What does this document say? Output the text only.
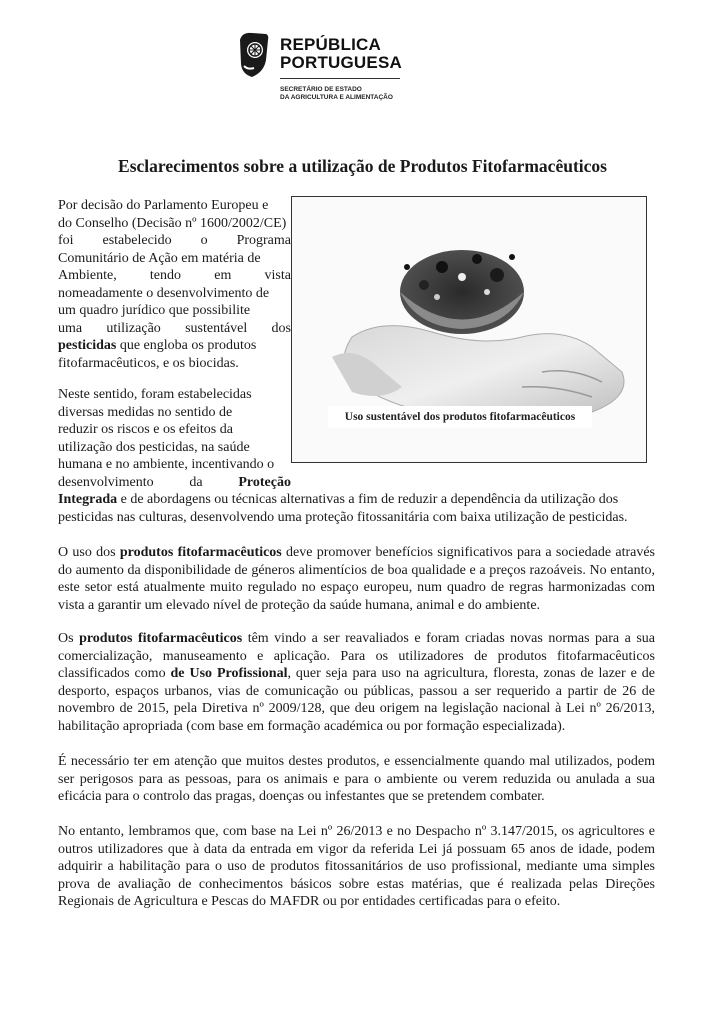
REPÚBLICA
PORTUGUESA
SECRETÁRIO DE ESTADO
DA AGRICULTURA E ALIMENTAÇÃO
Esclarecimentos sobre a utilização de Produtos Fitofarmacêuticos
Uso sustentável dos produtos fitofarmacêuticos
Por decisão do Parlamento Europeu e
do Conselho (Decisão nº 1600/2002/CE)
foi estabelecido o Programa
Comunitário de Ação em matéria de
Ambiente, tendo em vista
nomeadamente o desenvolvimento de
um quadro jurídico que possibilite
uma utilização sustentável dos
pesticidas que engloba os produtos
fitofarmacêuticos, e os biocidas.
Neste sentido, foram estabelecidas
diversas medidas no sentido de
reduzir os riscos e os efeitos da
utilização dos pesticidas, na saúde
humana e no ambiente, incentivando o
desenvolvimento	da	Proteção
Integrada e de abordagens ou técnicas alternativas a fim de reduzir a dependência da utilização dos
pesticidas nas culturas, desenvolvendo uma proteção fitossanitária com baixa utilização de pesticidas.
O uso dos produtos fitofarmacêuticos deve promover benefícios significativos para a sociedade através do aumento da disponibilidade de géneros alimentícios de boa qualidade e a preços razoáveis. No entanto, este setor está atualmente muito regulado no espaço europeu, num quadro de regras harmonizadas com vista a garantir um elevado nível de proteção da saúde humana, animal e do ambiente.
Os produtos fitofarmacêuticos têm vindo a ser reavaliados e foram criadas novas normas para a sua comercialização, manuseamento e aplicação. Para os utilizadores de produtos fitofarmacêuticos classificados como de Uso Profissional, quer seja para uso na agricultura, floresta, zonas de lazer e de desporto, espaços urbanos, vias de comunicação ou públicas, passou a ser requerido a partir de 26 de novembro de 2015, pela Diretiva nº 2009/128, que deu origem na legislação nacional à Lei nº 26/2013, habilitação apropriada (com base em formação académica ou por formação especializada).
É necessário ter em atenção que muitos destes produtos, e essencialmente quando mal utilizados, podem ser perigosos para as pessoas, para os animais e para o ambiente ou verem reduzida ou anulada a sua eficácia para o controlo das pragas, doenças ou infestantes que se pretendem combater.
No entanto, lembramos que, com base na Lei nº 26/2013 e no Despacho nº 3.147/2015, os agricultores e outros utilizadores que à data da entrada em vigor da referida Lei já possuam 65 anos de idade, podem adquirir a habilitação para o uso de produtos fitossanitários de uso profissional, mediante uma simples prova de avaliação de conhecimentos básicos sobre estas matérias, que é realizada pelas Direções Regionais de Agricultura e Pescas do MAFDR ou por entidades certificadas para o efeito.
